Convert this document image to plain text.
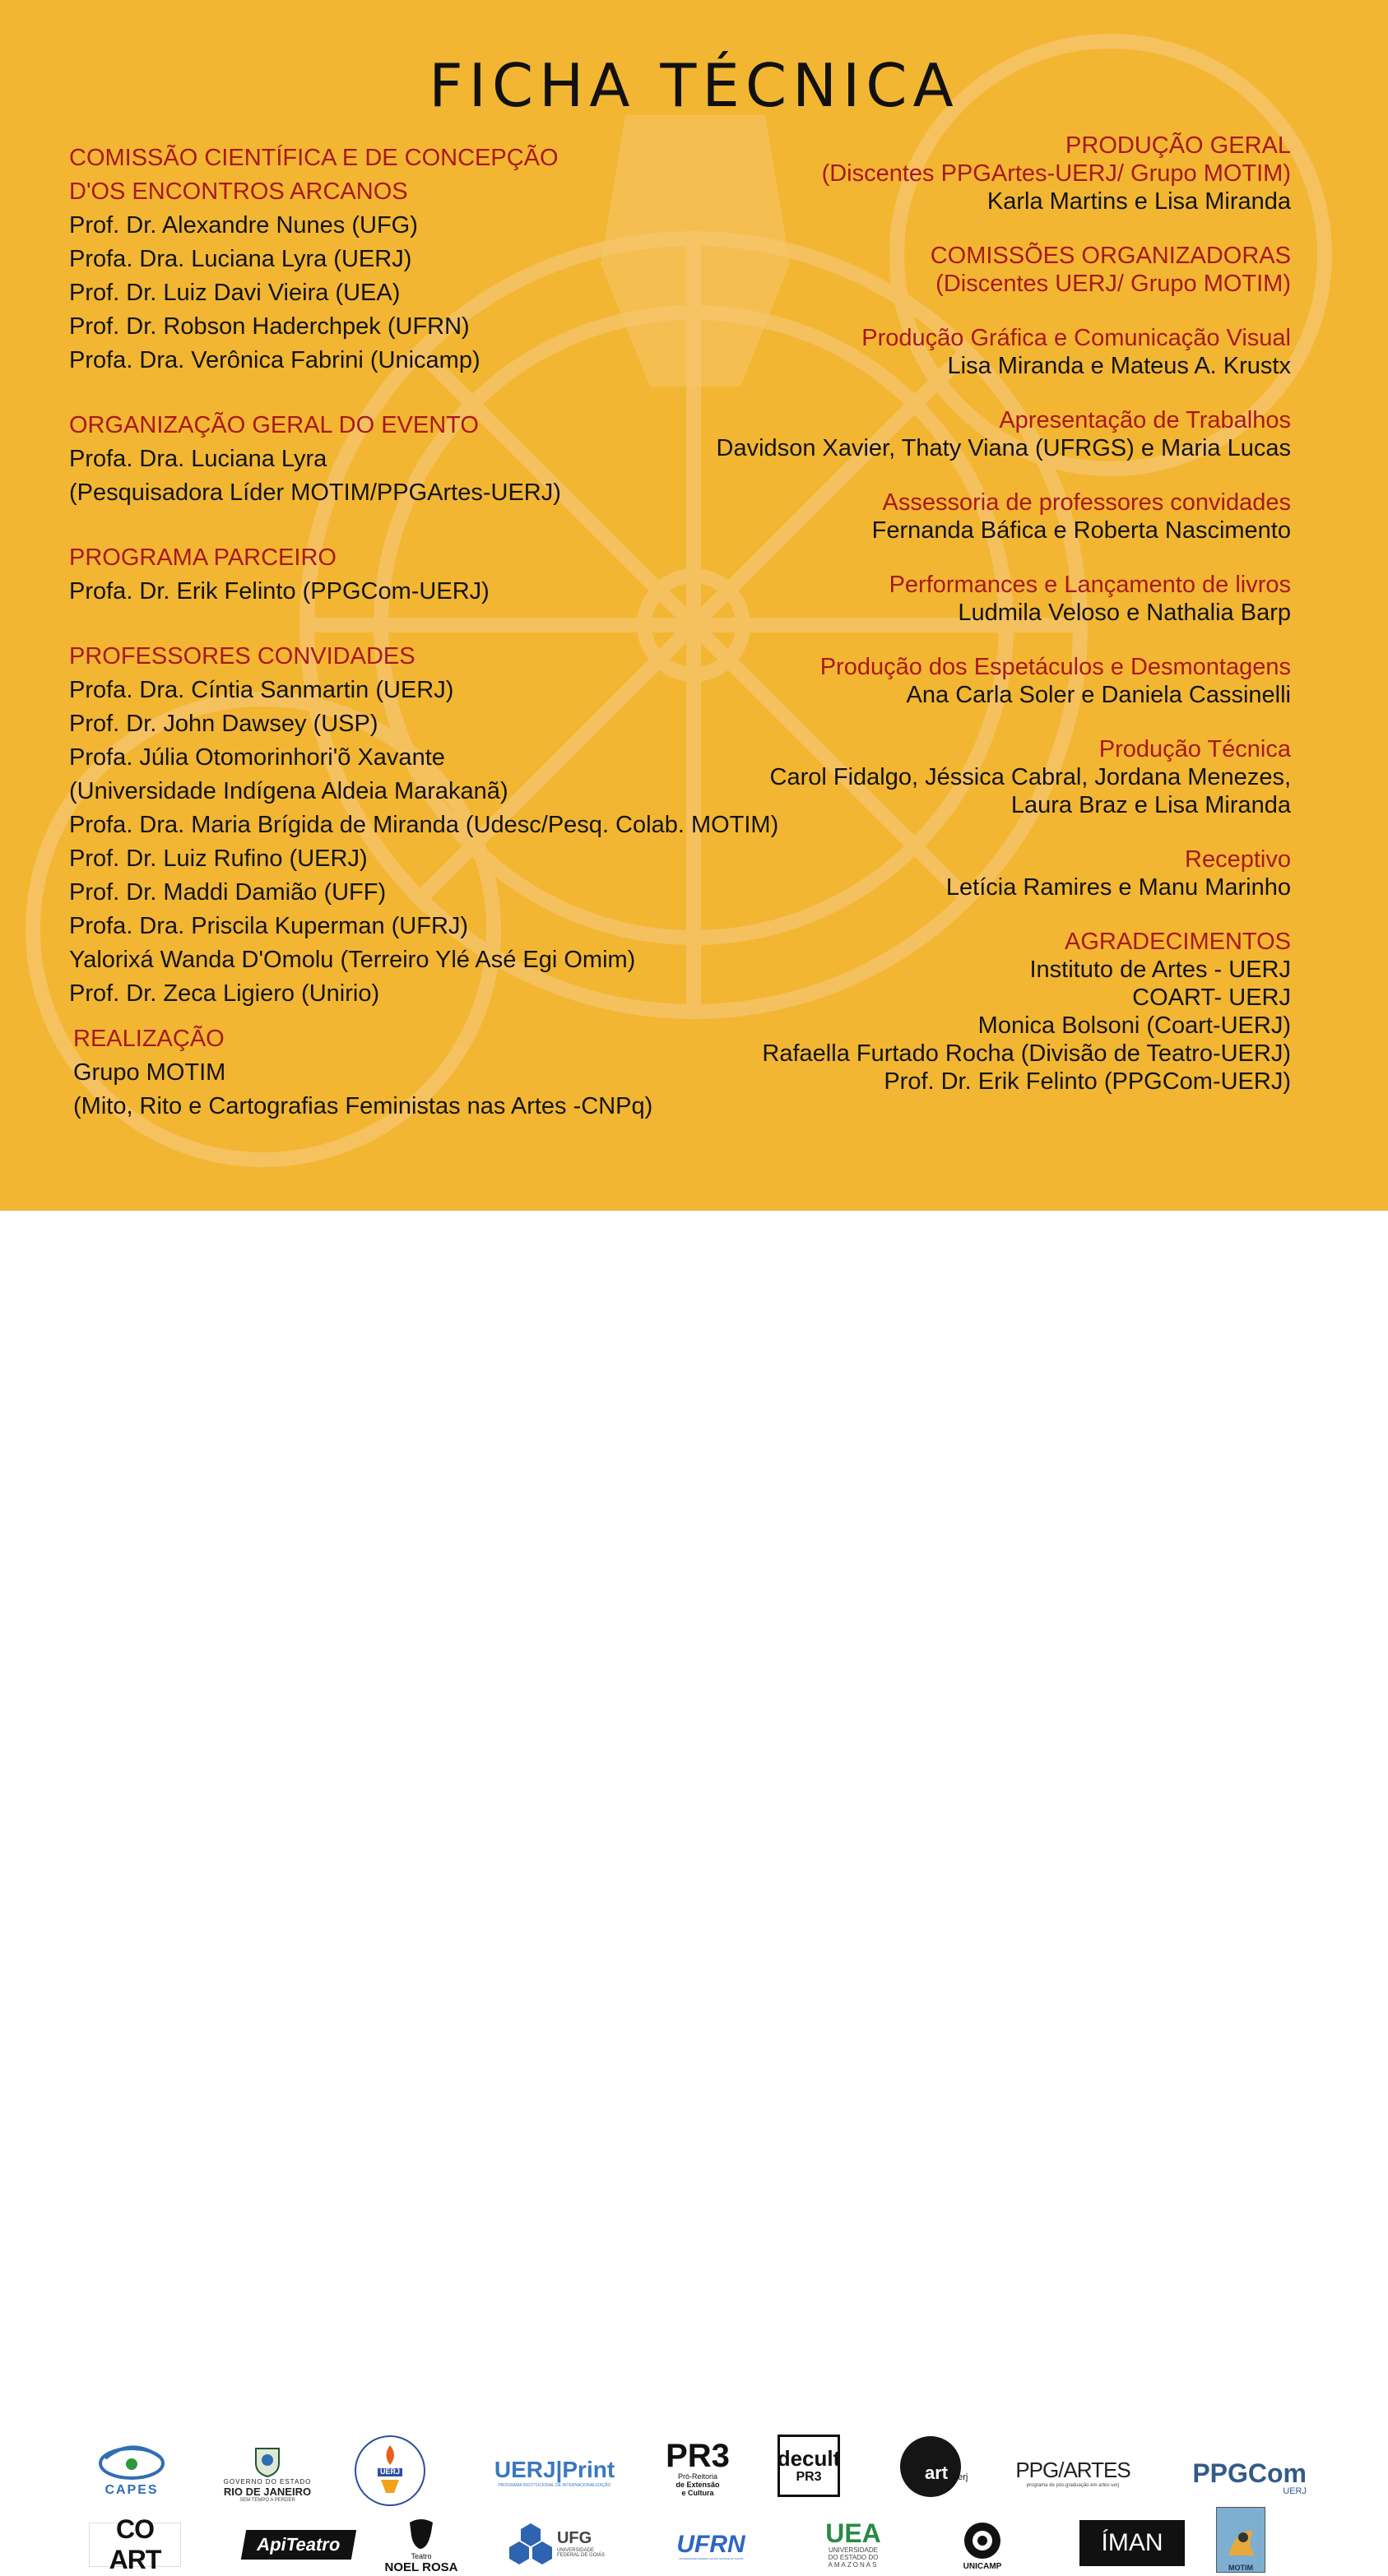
FICHA TÉCNICA
COMISSÃO CIENTÍFICA E DE CONCEPÇÃO
D'OS ENCONTROS ARCANOS
Prof. Dr. Alexandre Nunes (UFG)
Profa. Dra. Luciana Lyra (UERJ)
Prof. Dr. Luiz Davi Vieira (UEA)
Prof. Dr. Robson Haderchpek (UFRN)
Profa. Dra. Verônica Fabrini (Unicamp)
ORGANIZAÇÃO GERAL DO EVENTO
Profa. Dra. Luciana Lyra
(Pesquisadora Líder MOTIM/PPGArtes-UERJ)
PROGRAMA PARCEIRO
Profa. Dr. Erik Felinto (PPGCom-UERJ)
PROFESSORES CONVIDADES
Profa. Dra. Cíntia Sanmartin (UERJ)
Prof. Dr. John Dawsey (USP)
Profa. Júlia Otomorinhori'õ Xavante
(Universidade Indígena Aldeia Marakanã)
Profa. Dra. Maria Brígida de Miranda (Udesc/Pesq. Colab. MOTIM)
Prof. Dr. Luiz Rufino (UERJ)
Prof. Dr. Maddi Damião (UFF)
Profa. Dra. Priscila Kuperman (UFRJ)
Yalorixá Wanda D'Omolu (Terreiro Ylé Asé Egi Omim)
Prof. Dr. Zeca Ligiero (Unirio)
REALIZAÇÃO
Grupo MOTIM
(Mito, Rito e Cartografias Feministas nas Artes -CNPq)
PRODUÇÃO GERAL
(Discentes PPGArtes-UERJ/ Grupo MOTIM)
Karla Martins e Lisa Miranda
COMISSÕES ORGANIZADORAS
(Discentes UERJ/ Grupo MOTIM)
Produção Gráfica e Comunicação Visual
Lisa Miranda e Mateus A. Krustx
Apresentação de Trabalhos
Davidson Xavier, Thaty Viana (UFRGS) e Maria Lucas
Assessoria de professores convidades
Fernanda Báfica e Roberta Nascimento
Performances e Lançamento de livros
Ludmila Veloso e Nathalia Barp
Produção dos Espetáculos e Desmontagens
Ana Carla Soler e Daniela Cassinelli
Produção Técnica
Carol Fidalgo, Jéssica Cabral, Jordana Menezes,
Laura Braz e Lisa Miranda
Receptivo
Letícia Ramires e Manu Marinho
AGRADECIMENTOS
Instituto de Artes - UERJ
COART- UERJ
Monica Bolsoni (Coart-UERJ)
Rafaella Furtado Rocha (Divisão de Teatro-UERJ)
Prof. Dr. Erik Felinto (PPGCom-UERJ)
CAPES
GOVERNO DO ESTADO
RIO DE JANEIRO
SEM TEMPO A PERDER
UERJ	UERJ|Print
PROGRAMA INSTITUCIONAL DE INTERNACIONALIZAÇÃO
PR3
Pró-Reitoria
de Extensão
e Cultura
decult
PR3	art uerj PPG/ARTES
programa de pós-graduação em artes uerj	PPGCom
UERJ
CO ART
ApiTeatro
Teatro
NOEL ROSA
UFG
UNIVERSIDADE
FEDERAL DE GOIÁS	UFRN
UNIVERSIDADE FEDERAL DO RIO GRANDE DO NORTE
UEA
UNIVERSIDADE
DO ESTADO DO
AMAZONAS	UNICAMP
ÍMAN
MOTIM
